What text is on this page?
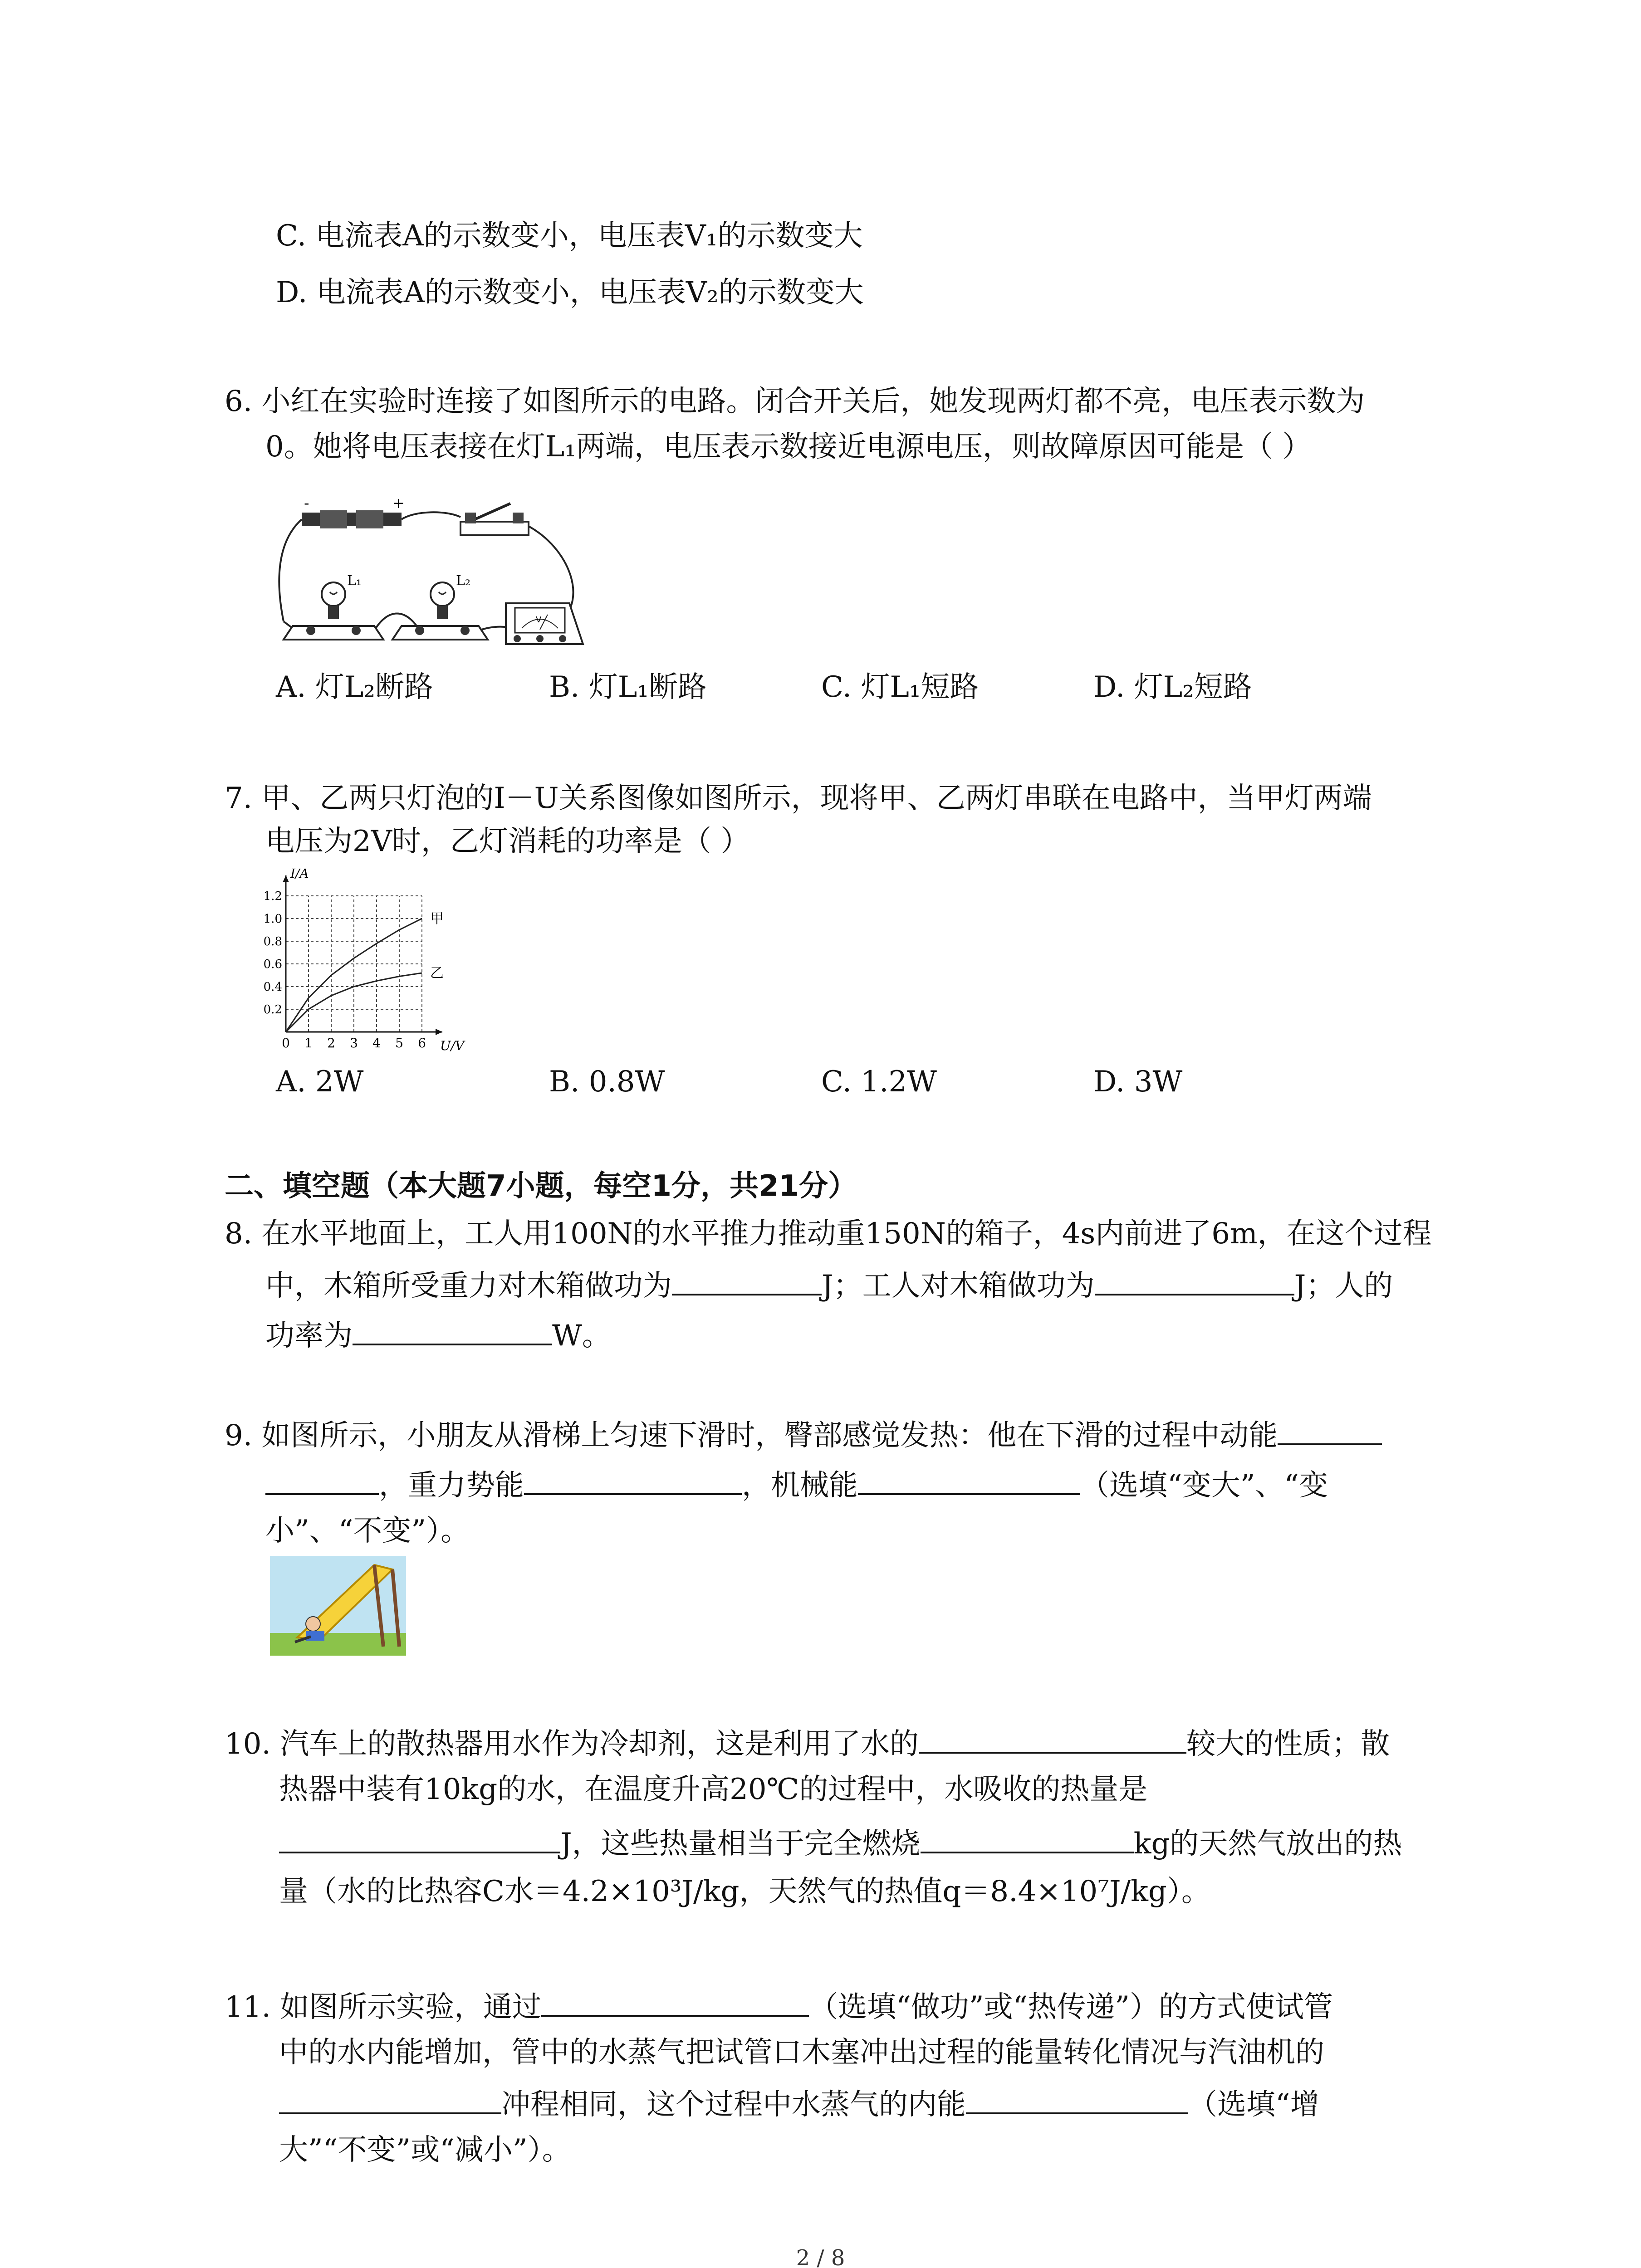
C. 电流表A的示数变小，电压表V₁的示数变大
D. 电流表A的示数变小，电压表V₂的示数变大
6. 小红在实验时连接了如图所示的电路。闭合开关后，她发现两灯都不亮，电压表示数为
0。她将电压表接在灯L₁两端，电压表示数接近电源电压，则故障原因可能是（ ）
-	+
L₁	L₂
V
A. 灯L₂断路	B. 灯L₁断路	C. 灯L₁短路	D. 灯L₂短路
7. 甲、乙两只灯泡的I－U关系图像如图所示，现将甲、乙两灯串联在电路中，当甲灯两端
电压为2V时，乙灯消耗的功率是（ ）
0 1 2 3 4 5 6
0.2
0.4
0.6
0.8
1.0
1.2
U/V
I/A
甲
乙
A. 2W	B. 0.8W	C. 1.2W	D. 3W
二、填空题（本大题7小题，每空1分，共21分）
8. 在水平地面上，工人用100N的水平推力推动重150N的箱子，4s内前进了6m，在这个过程
中，木箱所受重力对木箱做功为	J；工人对木箱做功为	J；人的
功率为	W。
9. 如图所示，小朋友从滑梯上匀速下滑时，臀部感觉发热：他在下滑的过程中动能
，重力势能	，机械能	（选填“变大”、“变
小”、“不变”）。
10. 汽车上的散热器用水作为冷却剂，这是利用了水的	较大的性质；散
热器中装有10kg的水，在温度升高20℃的过程中，水吸收的热量是
J，这些热量相当于完全燃烧	kg的天然气放出的热
量（水的比热容C水＝4.2×10³J/kg，天然气的热值q＝8.4×10⁷J/kg）。
11. 如图所示实验，通过	（选填“做功”或“热传递”）的方式使试管
中的水内能增加，管中的水蒸气把试管口木塞冲出过程的能量转化情况与汽油机的
冲程相同，这个过程中水蒸气的内能	（选填“增
大”“不变”或“减小”）。
2 / 8
